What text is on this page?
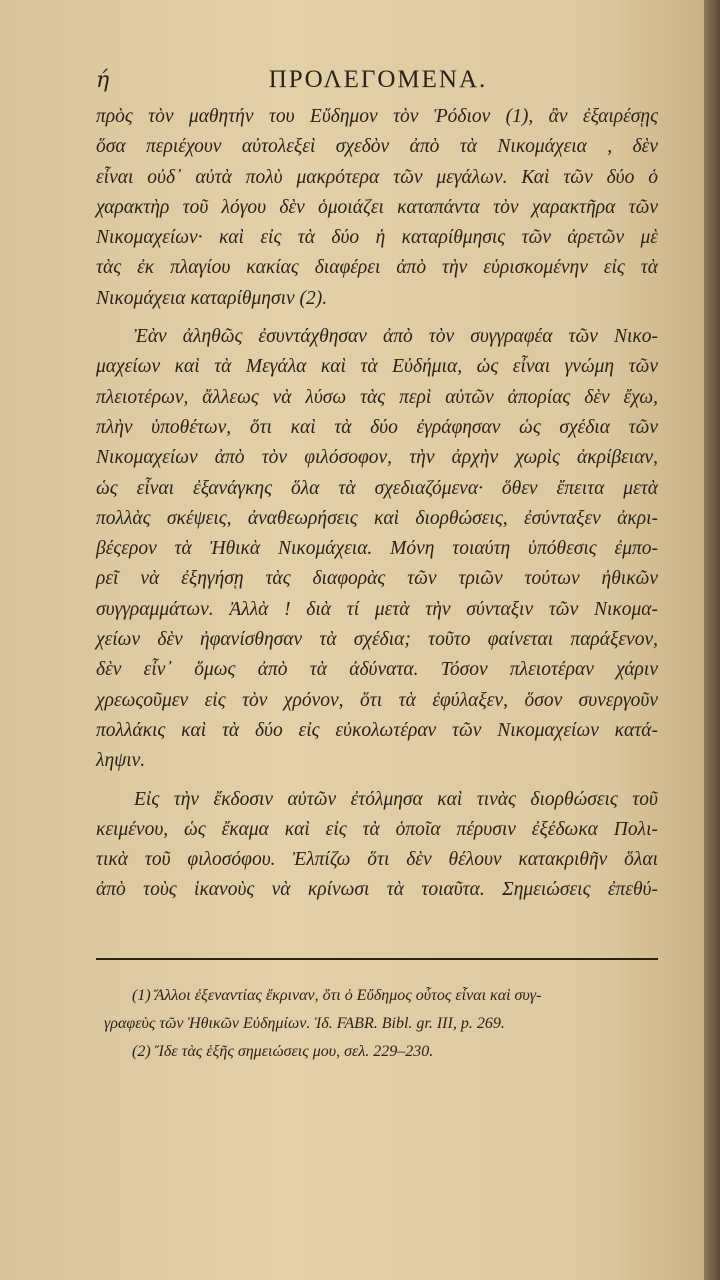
ή	ΠΡΟΛΕΓΟΜΕΝΑ.
πρὸς τὸν μαθητήν του Εὔδημον τὸν Ῥόδιον (1), ἂν ἐξαιρέσῃς
ὅσα περιέχουν αὐτολεξεὶ σχεδὸν ἀπὸ τὰ Νικομάχεια , δὲν
εἶναι οὐδ᾽ αὐτὰ πολὺ μακρότερα τῶν μεγάλων. Καὶ τῶν δύο ὁ
χαρακτὴρ τοῦ λόγου δὲν ὁμοιάζει καταπάντα τὸν χαρακτῆρα τῶν
Νικομαχείων· καὶ εἰς τὰ δύο ἡ καταρίθμησις τῶν ἀρετῶν μὲ
τὰς ἐκ πλαγίου κακίας διαφέρει ἀπὸ τὴν εὑρισκομένην εἰς τὰ
Νικομάχεια καταρίθμησιν (2).
Ἐὰν ἀληθῶς ἐσυντάχθησαν ἀπὸ τὸν συγγραφέα τῶν Νικο-
μαχείων καὶ τὰ Μεγάλα καὶ τὰ Εὐδήμια, ὡς εἶναι γνώμη τῶν
πλειοτέρων, ἄλλεως νὰ λύσω τὰς περὶ αὐτῶν ἀπορίας δὲν ἔχω,
πλὴν ὑποθέτων, ὅτι καὶ τὰ δύο ἐγράφησαν ὡς σχέδια τῶν
Νικομαχείων ἀπὸ τὸν φιλόσοφον, τὴν ἀρχὴν χωρὶς ἀκρίβειαν,
ὡς εἶναι ἐξανάγκης ὅλα τὰ σχεδιαζόμενα· ὅθεν ἔπειτα μετὰ
πολλὰς σκέψεις, ἀναθεωρήσεις καὶ διορθώσεις, ἐσύνταξεν ἀκρι-
βέςερον τὰ Ἠθικὰ Νικομάχεια. Μόνη τοιαύτη ὑπόθεσις ἐμπο-
ρεῖ νὰ ἐξηγήσῃ τὰς διαφορὰς τῶν τριῶν τούτων ἠθικῶν
συγγραμμάτων. Ἀλλὰ ! διὰ τί μετὰ τὴν σύνταξιν τῶν Νικομα-
χείων δὲν ἠφανίσθησαν τὰ σχέδια; τοῦτο φαίνεται παράξενον,
δὲν εἶν᾽ ὅμως ἀπὸ τὰ ἀδύνατα. Τόσον πλειοτέραν χάριν
χρεωςοῦμεν εἰς τὸν χρόνον, ὅτι τὰ ἐφύλαξεν, ὅσον συνεργοῦν
πολλάκις καὶ τὰ δύο εἰς εὐκολωτέραν τῶν Νικομαχείων κατά-
ληψιν.
Εἰς τὴν ἔκδοσιν αὐτῶν ἐτόλμησα καὶ τινὰς διορθώσεις τοῦ
κειμένου, ὡς ἔκαμα καὶ εἰς τὰ ὁποῖα πέρυσιν ἐξέδωκα Πολι-
τικὰ τοῦ φιλοσόφου. Ἐλπίζω ὅτι δὲν θέλουν κατακριθῆν ὅλαι
ἀπὸ τοὺς ἱκανοὺς νὰ κρίνωσι τὰ τοιαῦτα. Σημειώσεις ἐπεθύ-
(1) Ἄλλοι ἐξεναντίας ἔκριναν, ὅτι ὁ Εὔδημος οὗτος εἶναι καὶ συγ-
γραφεὺς τῶν Ἠθικῶν Εὐδημίων. Ἰδ. FABR. Bibl. gr. III, p. 269.
(2) Ἴδε τὰς ἑξῆς σημειώσεις μου, σελ. 229–230.
